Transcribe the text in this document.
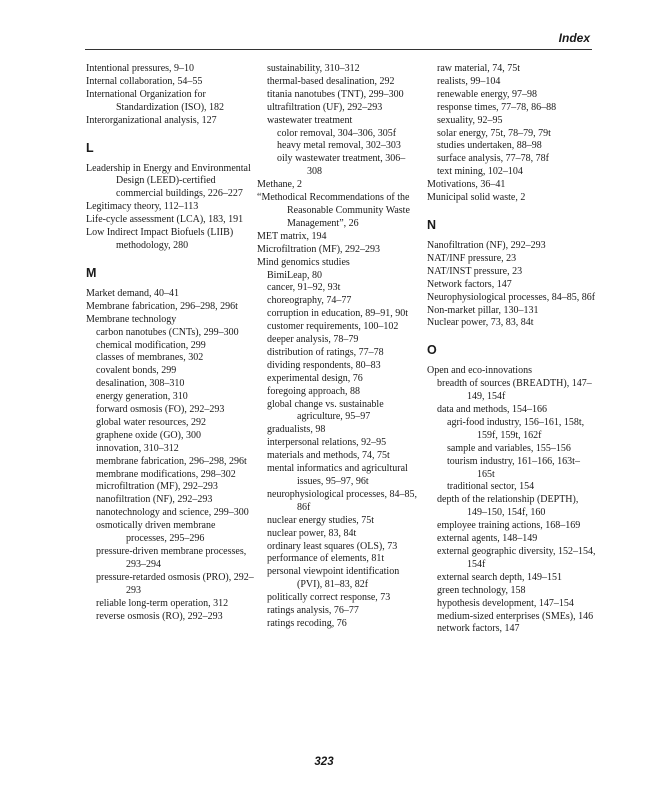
Index
Intentional pressures, 9–10
Internal collaboration, 54–55
International Organization for Standardization (ISO), 182
Interorganizational analysis, 127
L
Leadership in Energy and Environmental Design (LEED)-certified commercial buildings, 226–227
Legitimacy theory, 112–113
Life-cycle assessment (LCA), 183, 191
Low Indirect Impact Biofuels (LIIB) methodology, 280
M
Market demand, 40–41
Membrane fabrication, 296–298, 296t
Membrane technology
carbon nanotubes (CNTs), 299–300
chemical modification, 299
classes of membranes, 302
covalent bonds, 299
desalination, 308–310
energy generation, 310
forward osmosis (FO), 292–293
global water resources, 292
graphene oxide (GO), 300
innovation, 310–312
membrane fabrication, 296–298, 296t
membrane modifications, 298–302
microfiltration (MF), 292–293
nanofiltration (NF), 292–293
nanotechnology and science, 299–300
osmotically driven membrane processes, 295–296
pressure-driven membrane processes, 293–294
pressure-retarded osmosis (PRO), 292–293
reliable long-term operation, 312
reverse osmosis (RO), 292–293
sustainability, 310–312
thermal-based desalination, 292
titania nanotubes (TNT), 299–300
ultrafiltration (UF), 292–293
wastewater treatment
color removal, 304–306, 305f
heavy metal removal, 302–303
oily wastewater treatment, 306–308
Methane, 2
“Methodical Recommendations of the Reasonable Community Waste Management”, 26
MET matrix, 194
Microfiltration (MF), 292–293
Mind genomics studies
BimiLeap, 80
cancer, 91–92, 93t
choreography, 74–77
corruption in education, 89–91, 90t
customer requirements, 100–102
deeper analysis, 78–79
distribution of ratings, 77–78
dividing respondents, 80–83
experimental design, 76
foregoing approach, 88
global change vs. sustainable agriculture, 95–97
gradualists, 98
interpersonal relations, 92–95
materials and methods, 74, 75t
mental informatics and agricultural issues, 95–97, 96t
neurophysiological processes, 84–85, 86f
nuclear energy studies, 75t
nuclear power, 83, 84t
ordinary least squares (OLS), 73
performance of elements, 81t
personal viewpoint identification (PVI), 81–83, 82f
politically correct response, 73
ratings analysis, 76–77
ratings recoding, 76
raw material, 74, 75t
realists, 99–104
renewable energy, 97–98
response times, 77–78, 86–88
sexuality, 92–95
solar energy, 75t, 78–79, 79t
studies undertaken, 88–98
surface analysis, 77–78, 78f
text mining, 102–104
Motivations, 36–41
Municipal solid waste, 2
N
Nanofiltration (NF), 292–293
NAT/INF pressure, 23
NAT/INST pressure, 23
Network factors, 147
Neurophysiological processes, 84–85, 86f
Non-market pillar, 130–131
Nuclear power, 73, 83, 84t
O
Open and eco-innovations
breadth of sources (BREADTH), 147–149, 154f
data and methods, 154–166
agri-food industry, 156–161, 158t, 159f, 159t, 162f
sample and variables, 155–156
tourism industry, 161–166, 163t–165t
traditional sector, 154
depth of the relationship (DEPTH), 149–150, 154f, 160
employee training actions, 168–169
external agents, 148–149
external geographic diversity, 152–154, 154f
external search depth, 149–151
green technology, 158
hypothesis development, 147–154
medium-sized enterprises (SMEs), 146
network factors, 147
323
